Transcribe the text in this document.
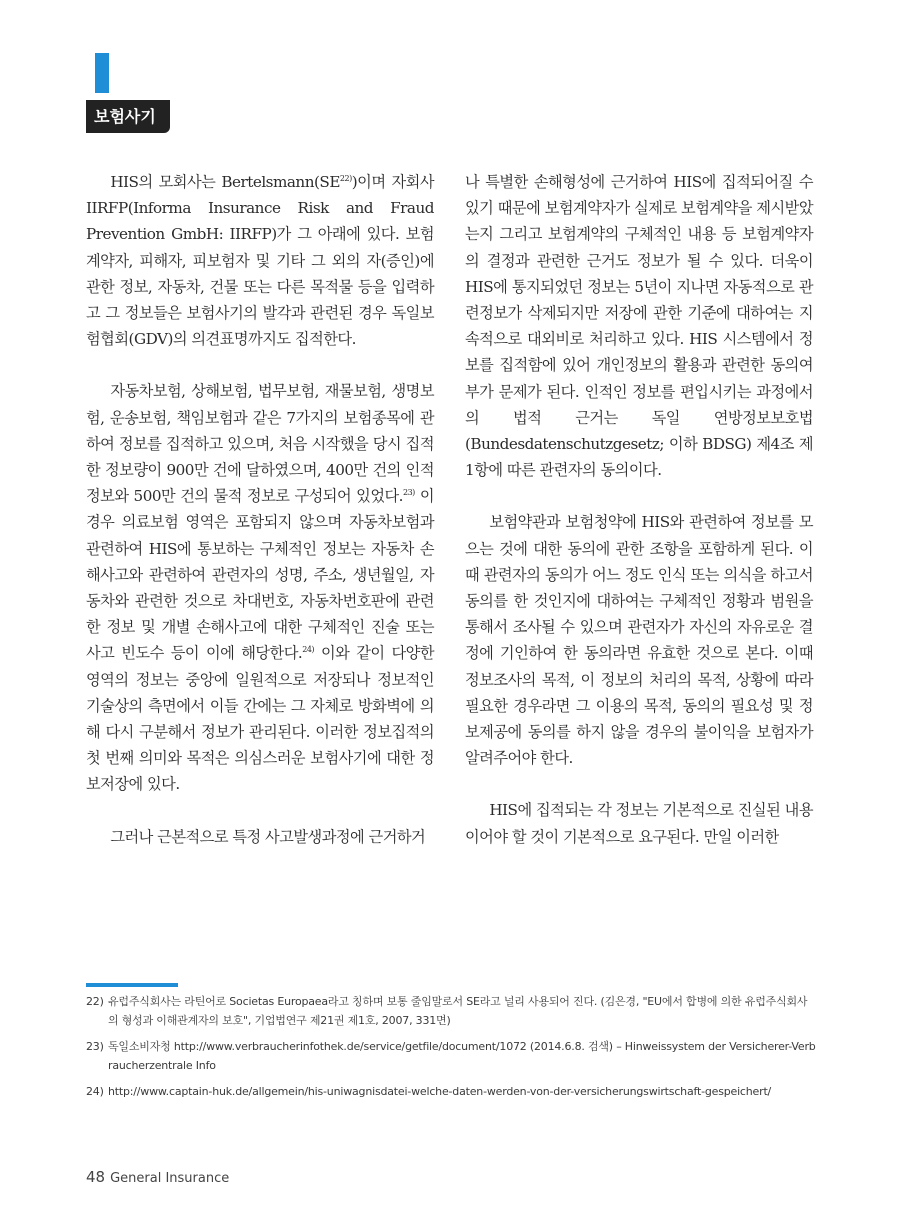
보험사기

HIS의 모회사는 Bertelsmann(SE$^{22)}$)이며 자회사 IIRFP(Informa Insurance Risk and Fraud Prevention GmbH: IIRFP)가 그 아래에 있다. 보험계약자, 피해자, 피보험자 및 기타 그 외의 자(증인)에 관한 정보, 자동차, 건물 또는 다른 목적물 등을 입력하고 그 정보들은 보험사기의 발각과 관련된 경우 독일보험협회(GDV)의 의견표명까지도 집적한다.

자동차보험, 상해보험, 법무보험, 재물보험, 생명보험, 운송보험, 책임보험과 같은 7가지의 보험종목에 관하여 정보를 집적하고 있으며, 처음 시작했을 당시 집적한 정보량이 900만 건에 달하였으며, 400만 건의 인적 정보와 500만 건의 물적 정보로 구성되어 있었다.$^{23)}$ 이 경우 의료보험 영역은 포함되지 않으며 자동차보험과 관련하여 HIS에 통보하는 구체적인 정보는 자동차 손해사고와 관련하여 관련자의 성명, 주소, 생년월일, 자동차와 관련한 것으로 차대번호, 자동차번호판에 관련한 정보 및 개별 손해사고에 대한 구체적인 진술 또는 사고 빈도수 등이 이에 해당한다.$^{24)}$ 이와 같이 다양한 영역의 정보는 중앙에 일원적으로 저장되나 정보적인 기술상의 측면에서 이들 간에는 그 자체로 방화벽에 의해 다시 구분해서 정보가 관리된다. 이러한 정보집적의 첫 번째 의미와 목적은 의심스러운 보험사기에 대한 정보저장에 있다.

그러나 근본적으로 특정 사고발생과정에 근거하거

나 특별한 손해형성에 근거하여 HIS에 집적되어질 수 있기 때문에 보험계약자가 실제로 보험계약을 제시받았는지 그리고 보험계약의 구체적인 내용 등 보험계약자의 결정과 관련한 근거도 정보가 될 수 있다. 더욱이 HIS에 통지되었던 정보는 5년이 지나면 자동적으로 관련정보가 삭제되지만 저장에 관한 기준에 대하여는 지속적으로 대외비로 처리하고 있다. HIS 시스템에서 정보를 집적함에 있어 개인정보의 활용과 관련한 동의여부가 문제가 된다. 인적인 정보를 편입시키는 과정에서의 법적 근거는 독일 연방정보보호법(Bundesdatenschutzgesetz; 이하 BDSG) 제4조 제1항에 따른 관련자의 동의이다.

보험약관과 보험청약에 HIS와 관련하여 정보를 모으는 것에 대한 동의에 관한 조항을 포함하게 된다. 이때 관련자의 동의가 어느 정도 인식 또는 의식을 하고서 동의를 한 것인지에 대하여는 구체적인 정황과 범원을 통해서 조사될 수 있으며 관련자가 자신의 자유로운 결정에 기인하여 한 동의라면 유효한 것으로 본다. 이때 정보조사의 목적, 이 정보의 처리의 목적, 상황에 따라 필요한 경우라면 그 이용의 목적, 동의의 필요성 및 정보제공에 동의를 하지 않을 경우의 불이익을 보험자가 알려주어야 한다.

HIS에 집적되는 각 정보는 기본적으로 진실된 내용이어야 할 것이 기본적으로 요구된다. 만일 이러한

22) 유럽주식회사는 라틴어로 Societas Europaea라고 칭하며 보통 줄임말로서 SE라고 널리 사용되어 진다. (김은경, "EU에서 합병에 의한 유럽주식회사의 형성과 이해관계자의 보호", 기업법연구 제21권 제1호, 2007, 331면)
23) 독일소비자청 http://www.verbraucherinfothek.de/service/getfile/document/1072 (2014.6.8. 검색) – Hinweissystem der Versicherer-Verbraucherzentrale Info
24) http://www.captain-huk.de/allgemein/his-uniwagnisdatei-welche-daten-werden-von-der-versicherungswirtschaft-gespeichert/
48 General Insurance
